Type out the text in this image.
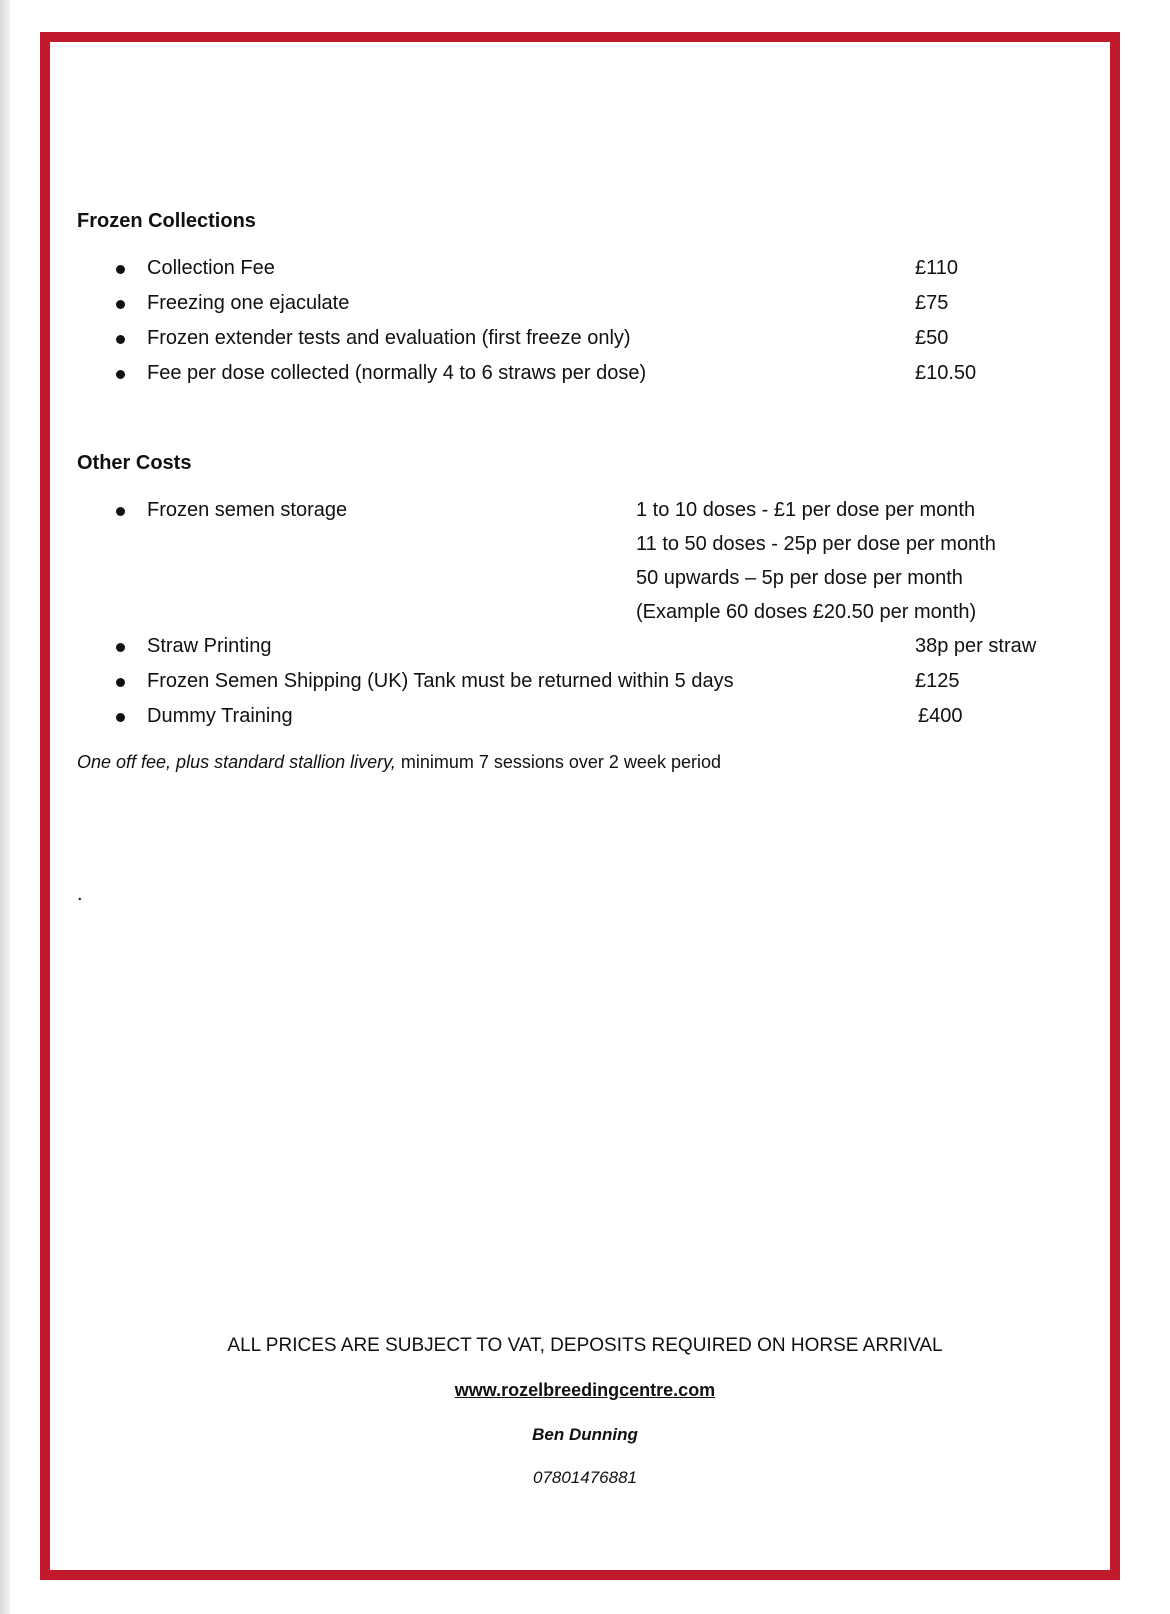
Frozen Collections
Collection Fee	£110
Freezing one ejaculate	£75
Frozen extender tests and evaluation (first freeze only)	£50
Fee per dose collected (normally 4 to 6 straws per dose)	£10.50
Other Costs
Frozen semen storage	1 to 10 doses - £1 per dose per month
11 to 50 doses - 25p per dose per month
50 upwards – 5p per dose per month
(Example 60 doses £20.50 per month)
Straw Printing	38p per straw
Frozen Semen Shipping (UK) Tank must be returned within 5 days	£125
Dummy Training	£400
One off fee, plus standard stallion livery, minimum 7 sessions over 2 week period
.
ALL PRICES ARE SUBJECT TO VAT, DEPOSITS REQUIRED ON HORSE ARRIVAL
www.rozelbreedingcentre.com
Ben Dunning
07801476881
